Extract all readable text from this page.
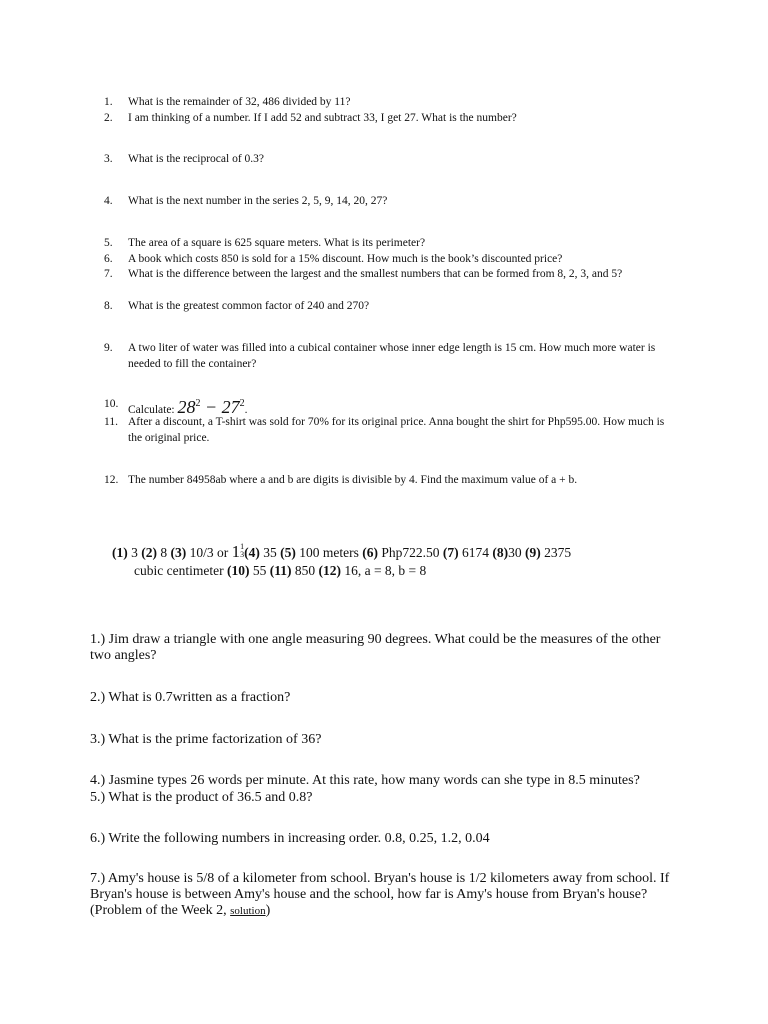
1.	What is the remainder of 32, 486 divided by 11?
2.	I am thinking of a number. If I add 52 and subtract 33, I get 27. What is the number?
3.	What is the reciprocal of 0.3?
4.	What is the next number in the series 2, 5, 9, 14, 20, 27?
5.	The area of a square is 625 square meters. What is its perimeter?
6.	A book which costs 850 is sold for a 15% discount. How much is the book’s discounted price?
7.	What is the difference between the largest and the smallest numbers that can be formed from 8, 2, 3, and 5?
8.	What is the greatest common factor of 240 and 270?
9.	A two liter of water was filled into a cubical container whose inner edge length is 15 cm. How much more water is needed to fill the container?
10. Calculate: $28^2 - 27^2$.
11. After a discount, a T-shirt was sold for 70% for its original price. Anna bought the shirt for Php595.00. How much is the original price.
12. The number 84958ab where a and b are digits is divisible by 4. Find the maximum value of a + b.
(1) 3 (2) 8 (3) 10/3 or 1 1
3 (4) 35 (5) 100 meters (6) Php722.50 (7) 6174 (8)30 (9) 2375
cubic centimeter (10) 55 (11) 850 (12) 16, a = 8, b = 8
1.) Jim draw a triangle with one angle measuring 90 degrees. What could be the measures of the other two angles?
2.) What is 0.7written as a fraction?
3.) What is the prime factorization of 36?
4.) Jasmine types 26 words per minute. At this rate, how many words can she type in 8.5 minutes?
5.) What is the product of 36.5 and 0.8?
6.) Write the following numbers in increasing order. 0.8, 0.25, 1.2, 0.04
7.) Amy's house is 5/8 of a kilometer from school. Bryan's house is 1/2 kilometers away from school. If Bryan's house is between Amy's house and the school, how far is Amy's house from Bryan's house? (Problem of the Week 2, solution)
